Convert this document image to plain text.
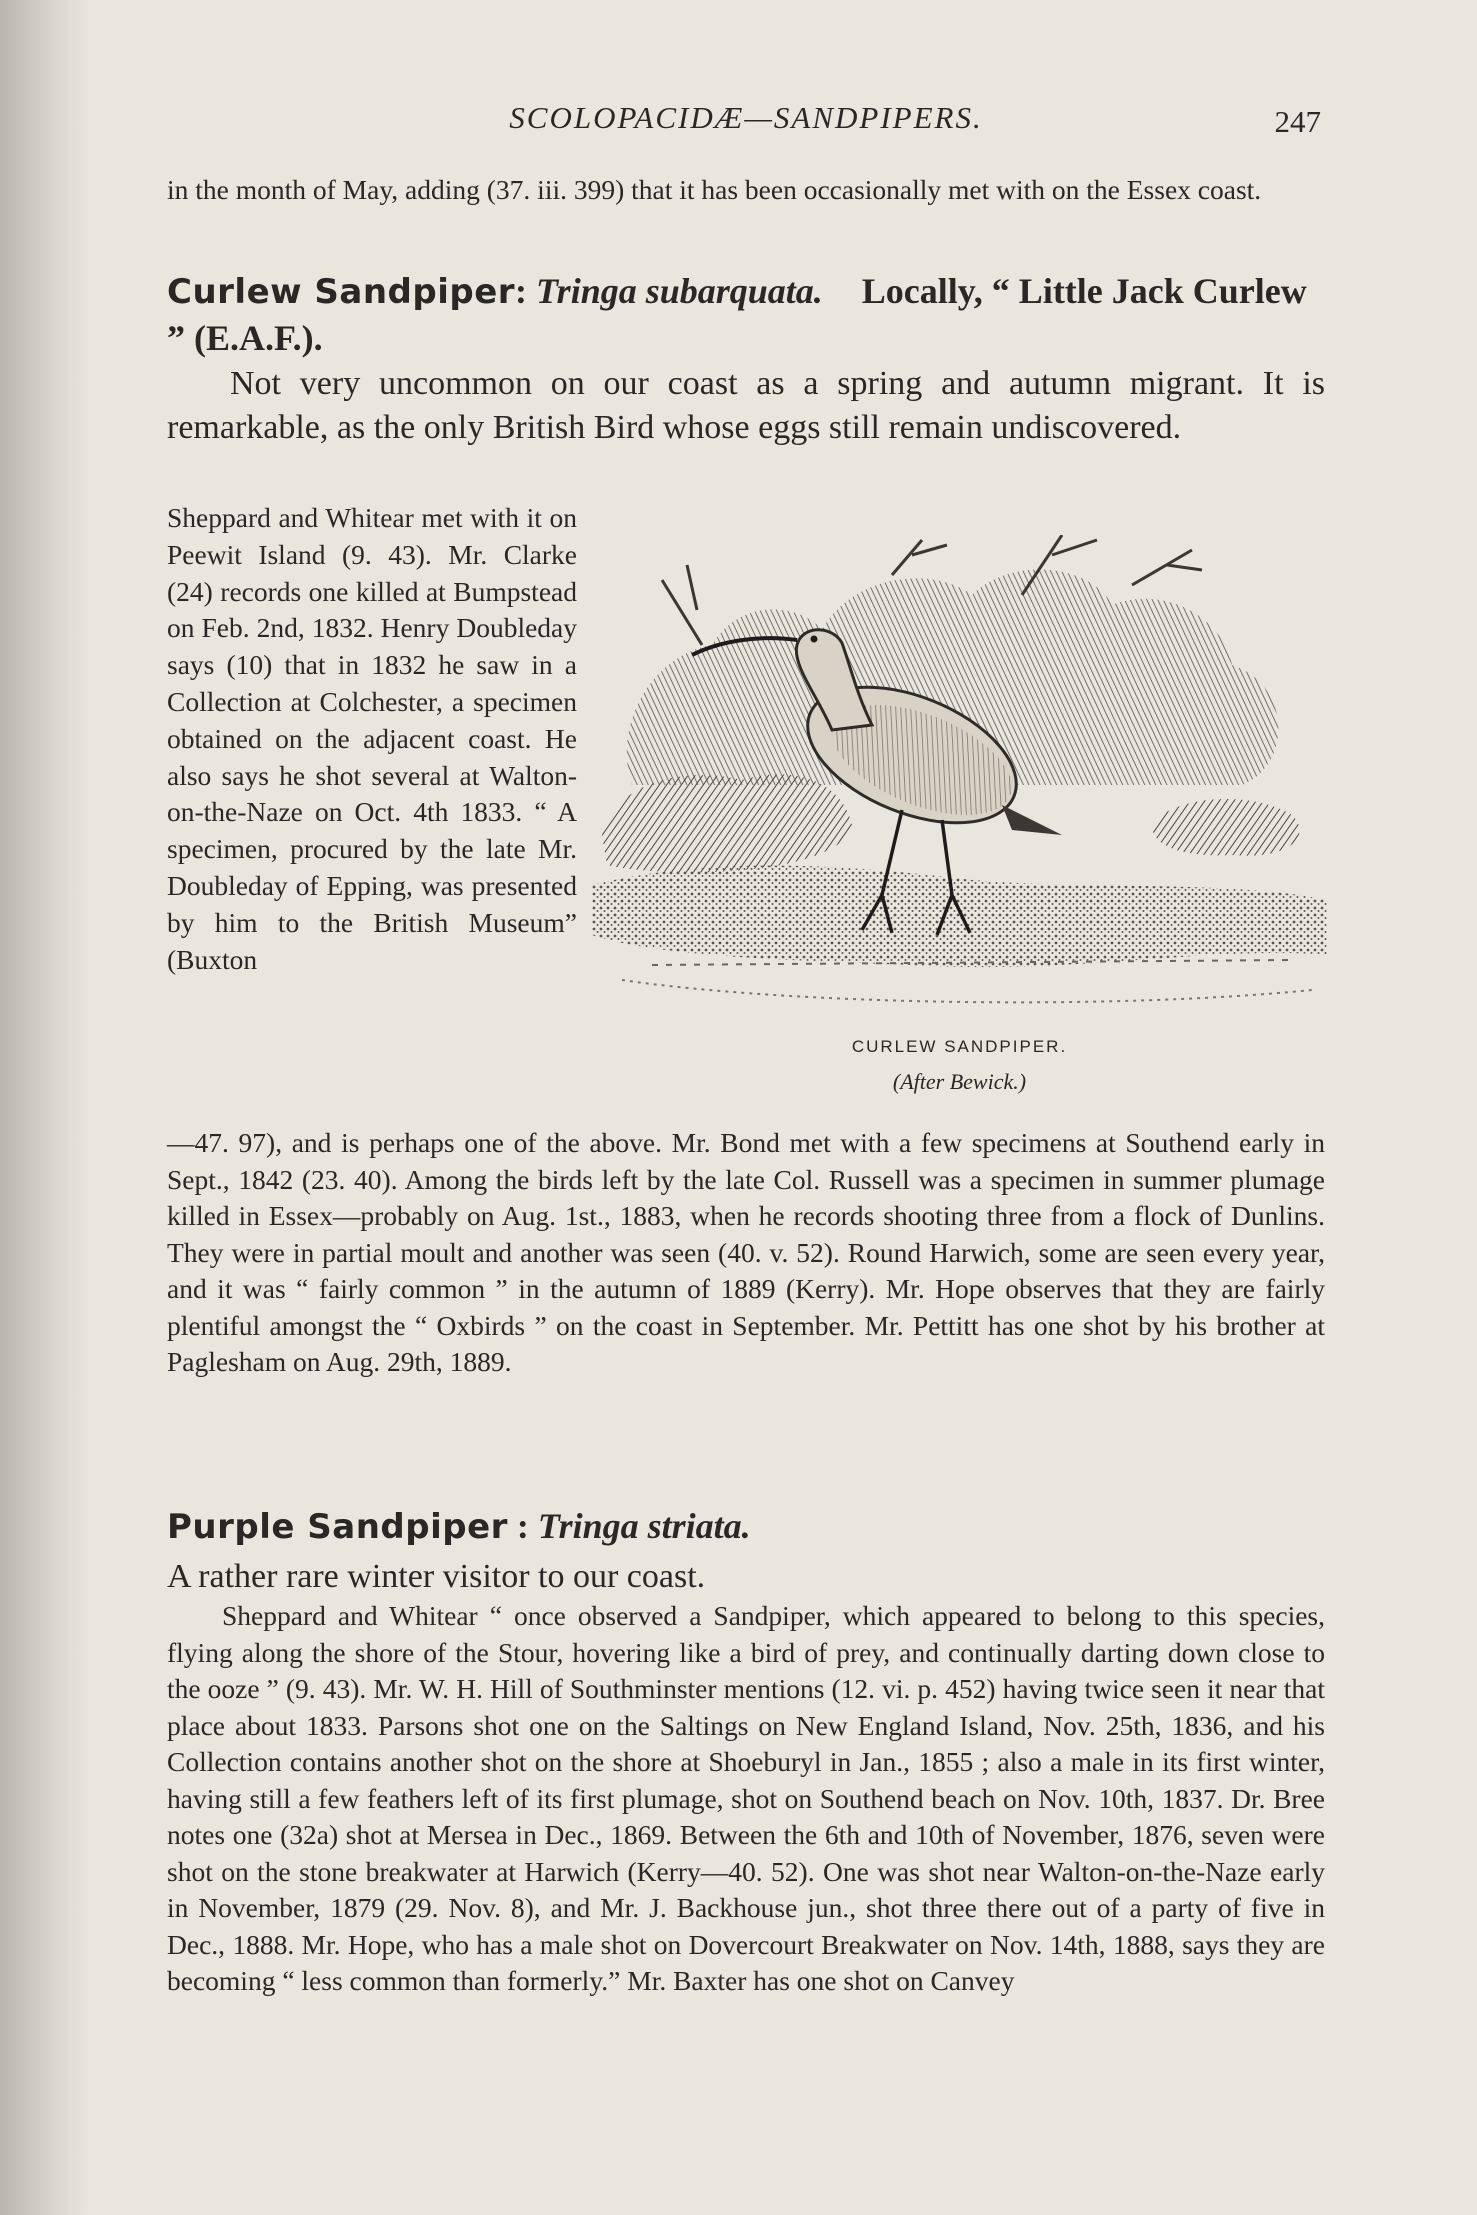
SCOLOPACIDÆ—SANDPIPERS.	247

in the month of May, adding (37. iii. 399) that it has been occasionally met with on the Essex coast.

Curlew Sandpiper: Tringa subarquata. Locally, “ Little Jack Curlew ” (E.A.F.).

Not very uncommon on our coast as a spring and autumn migrant. It is remarkable, as the only British Bird whose eggs still remain undiscovered.

Sheppard and Whitear met with it on Peewit Island (9. 43). Mr. Clarke (24) records one killed at Bumpstead on Feb. 2nd, 1832. Henry Doubleday says (10) that in 1832 he saw in a Collection at Colchester, a specimen obtained on the adjacent coast. He also says he shot several at Walton-on-the-Naze on Oct. 4th 1833. “ A specimen, procured by the late Mr. Doubleday of Epping, was presented by him to the British Museum” (Buxton

CURLEW SANDPIPER.
(After Bewick.)

—47. 97), and is perhaps one of the above. Mr. Bond met with a few specimens at Southend early in Sept., 1842 (23. 40). Among the birds left by the late Col. Russell was a specimen in summer plumage killed in Essex—probably on Aug. 1st., 1883, when he records shooting three from a flock of Dunlins. They were in partial moult and another was seen (40. v. 52). Round Harwich, some are seen every year, and it was “ fairly common ” in the autumn of 1889 (Kerry). Mr. Hope observes that they are fairly plentiful amongst the “ Oxbirds ” on the coast in September. Mr. Pettitt has one shot by his brother at Paglesham on Aug. 29th, 1889.

Purple Sandpiper : Tringa striata.

A rather rare winter visitor to our coast.

Sheppard and Whitear “ once observed a Sandpiper, which appeared to belong to this species, flying along the shore of the Stour, hovering like a bird of prey, and continually darting down close to the ooze ” (9. 43). Mr. W. H. Hill of Southminster mentions (12. vi. p. 452) having twice seen it near that place about 1833. Parsons shot one on the Saltings on New England Island, Nov. 25th, 1836, and his Collection contains another shot on the shore at Shoeburyl in Jan., 1855 ; also a male in its first winter, having still a few feathers left of its first plumage, shot on Southend beach on Nov. 10th, 1837. Dr. Bree notes one (32a) shot at Mersea in Dec., 1869. Between the 6th and 10th of November, 1876, seven were shot on the stone breakwater at Harwich (Kerry—40. 52). One was shot near Walton-on-the-Naze early in November, 1879 (29. Nov. 8), and Mr. J. Backhouse jun., shot three there out of a party of five in Dec., 1888. Mr. Hope, who has a male shot on Dovercourt Breakwater on Nov. 14th, 1888, says they are becoming “ less common than formerly.” Mr. Baxter has one shot on Canvey
